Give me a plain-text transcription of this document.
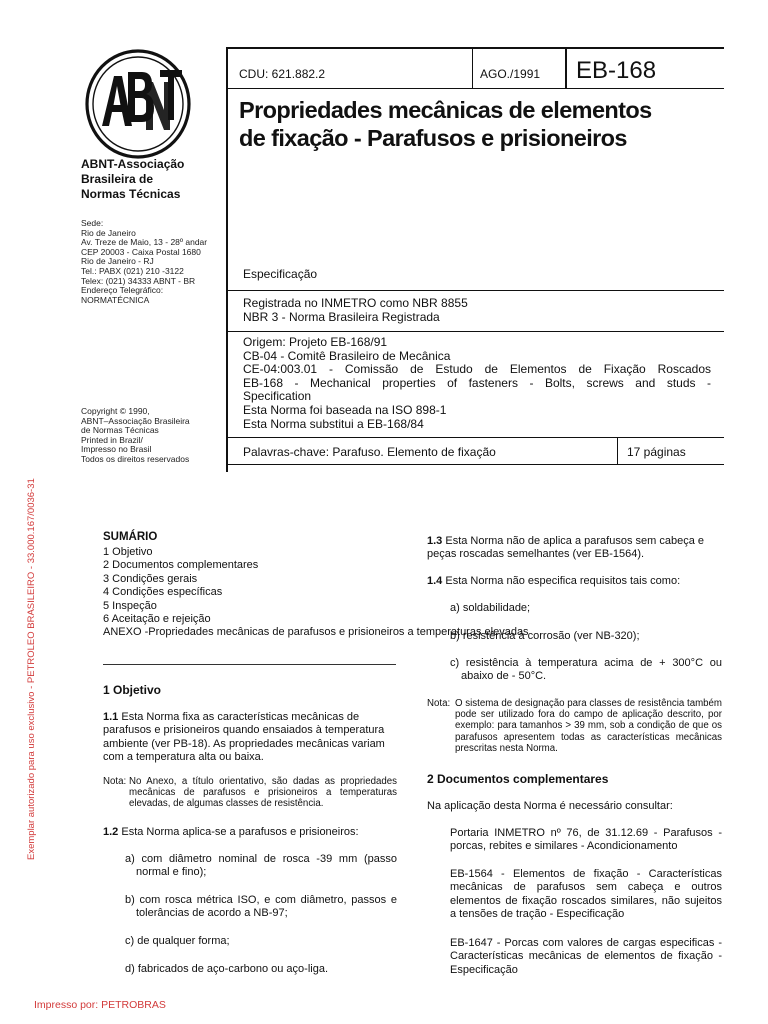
ABNT-Associação
Brasileira de
Normas Técnicas
Sede:
Rio de Janeiro
Av. Treze de Maio, 13 - 28º andar
CEP 20003 - Caixa Postal 1680
Rio de Janeiro - RJ
Tel.: PABX (021) 210 -3122
Telex: (021) 34333 ABNT - BR
Endereço Telegráfico:
NORMATÉCNICA
Copyright © 1990,
ABNT–Associação Brasileira
de Normas Técnicas
Printed in Brazil/
Impresso no Brasil
Todos os direitos reservados
CDU: 621.882.2	AGO./1991 EB-168
Propriedades mecânicas de elementos
de fixação - Parafusos e prisioneiros
Especificação
Registrada no INMETRO como NBR 8855
NBR 3 - Norma Brasileira Registrada
Origem: Projeto EB-168/91
CB-04 - Comitê Brasileiro de Mecânica
CE-04:003.01 - Comissão de Estudo de Elementos de Fixação Roscados
EB-168 - Mechanical properties of fasteners - Bolts, screws and studs -
Specification
Esta Norma foi baseada na ISO 898-1
Esta Norma substitui a EB-168/84
Palavras-chave: Parafuso. Elemento de fixação	17 páginas
Exemplar autorizado para uso exclusivo - PETROLEO BRASILEIRO - 33.000.167/0036-31
Impresso por: PETROBRAS
SUMÁRIO
1 Objetivo
2 Documentos complementares
3 Condições gerais
4 Condições específicas
5 Inspeção
6 Aceitação e rejeição
ANEXO - Propriedades mecânicas de parafusos e prisioneiros a temperaturas elevadas
1 Objetivo
1.1 Esta Norma fixa as características mecânicas de parafusos e prisioneiros quando ensaiados à temperatura ambiente (ver PB-18). As propriedades mecânicas variam com a temperatura alta ou baixa.
Nota: No Anexo, a título orientativo, são dadas as propriedades mecânicas de parafusos e prisioneiros a temperaturas elevadas, de algumas classes de resistência.
1.2 Esta Norma aplica-se a parafusos e prisioneiros:
a) com diâmetro nominal de rosca -39 mm (passo normal e fino);
b) com rosca métrica ISO, e com diâmetro, passos e tolerâncias de acordo a NB-97;
c) de qualquer forma;
d) fabricados de aço-carbono ou aço-liga.
1.3 Esta Norma não de aplica a parafusos sem cabeça e peças roscadas semelhantes (ver EB-1564).
1.4 Esta Norma não especifica requisitos tais como:
a) soldabilidade;
b) resistência à corrosão (ver NB-320);
c) resistência à temperatura acima de + 300°C ou abaixo de - 50°C.
Nota: O sistema de designação para classes de resistência também pode ser utilizado fora do campo de aplicação descrito, por exemplo: para tamanhos > 39 mm, sob a condição de que os parafusos apresentem todas as características mecânicas prescritas nesta Norma.
2 Documentos complementares
Na aplicação desta Norma é necessário consultar:
Portaria INMETRO nº 76, de 31.12.69 - Parafusos - porcas, rebites e similares - Acondicionamento
EB-1564 - Elementos de fixação - Características mecânicas de parafusos sem cabeça e outros elementos de fixação roscados similares, não sujeitos a tensões de tração - Especificação
EB-1647 - Porcas com valores de cargas especificas - Características mecânicas de elementos de fixação - Especificação
